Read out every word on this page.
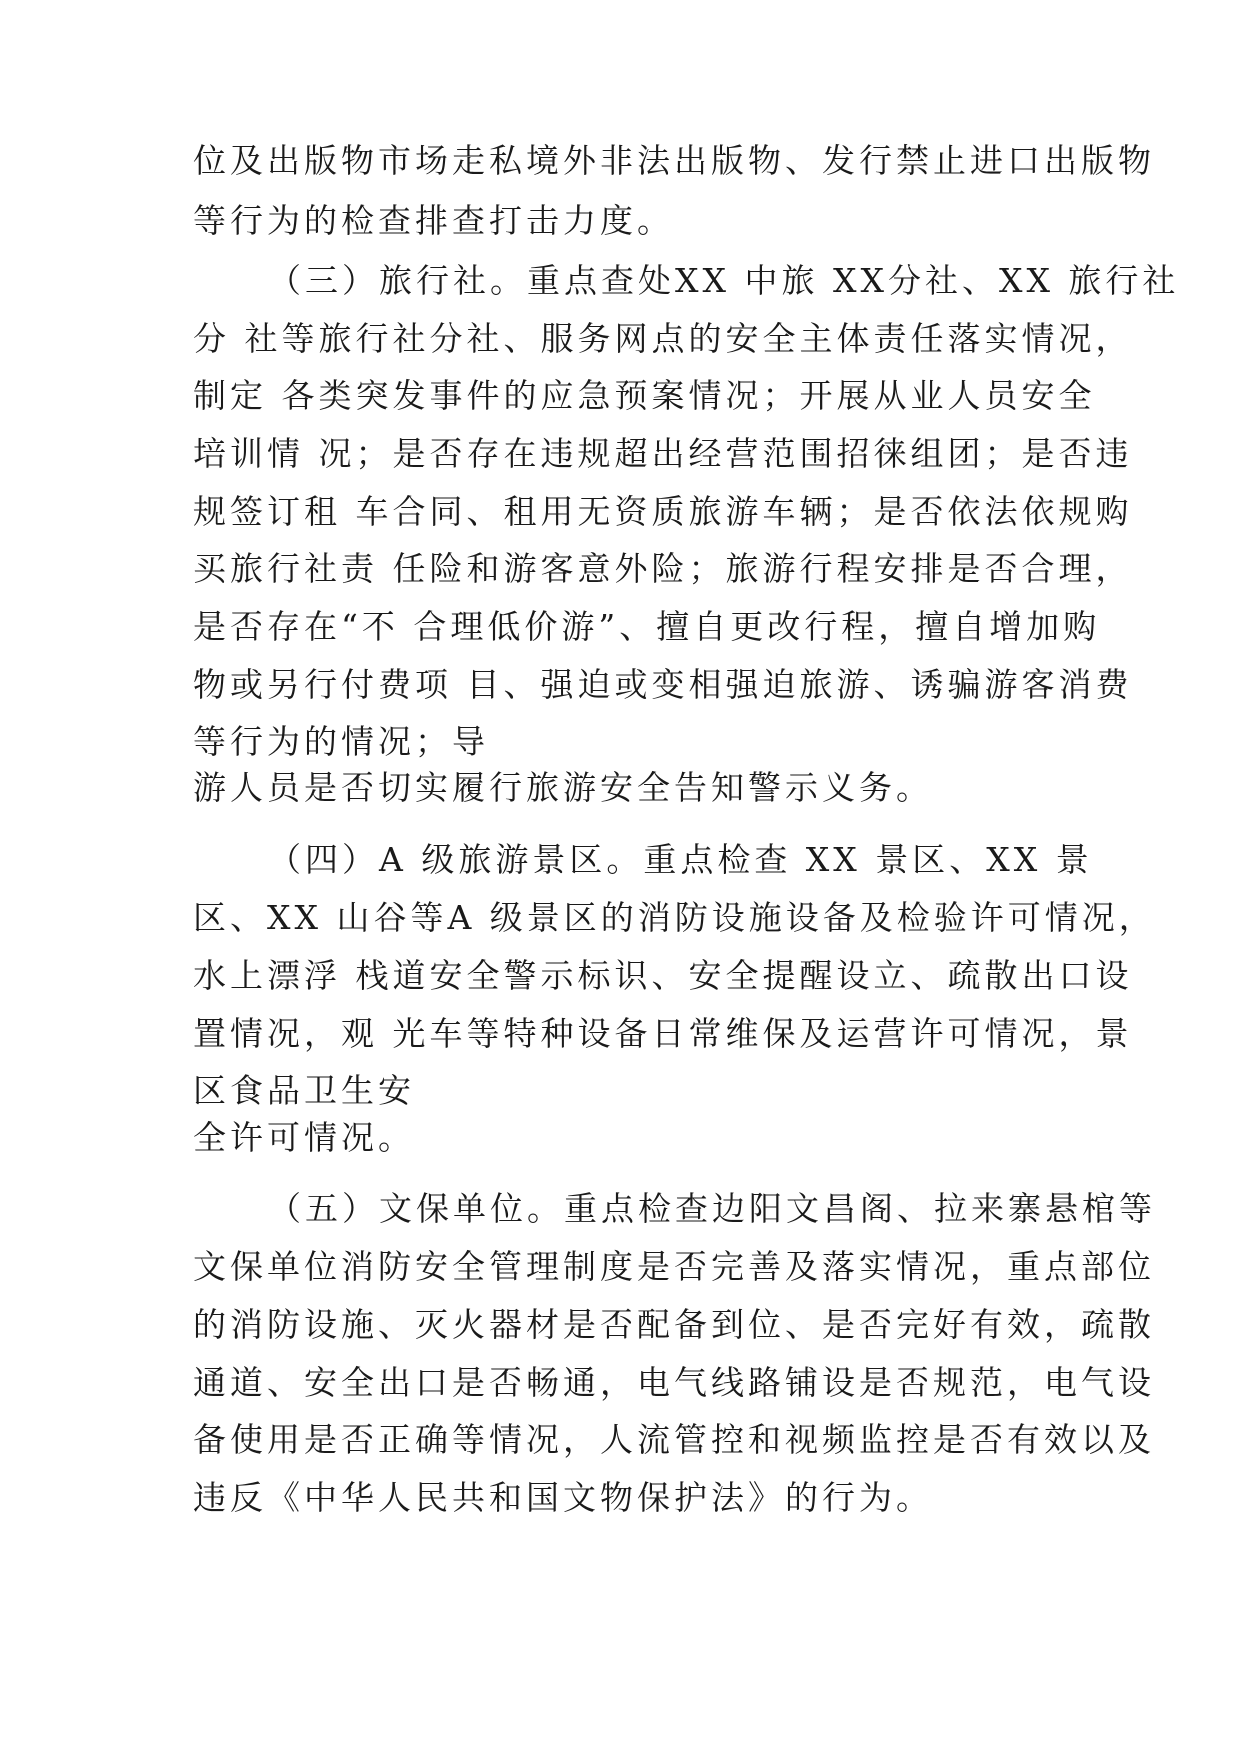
位及出版物市场走私境外非法出版物、发行禁止进口出版物
等行为的检查排查打击力度。
（三）旅行社。重点查处XX 中旅 XX分社、XX 旅行社
分 社等旅行社分社、服务网点的安全主体责任落实情况，
制定 各类突发事件的应急预案情况；开展从业人员安全
培训情 况；是否存在违规超出经营范围招徕组团；是否违
规签订租 车合同、租用无资质旅游车辆；是否依法依规购
买旅行社责 任险和游客意外险；旅游行程安排是否合理，
是否存在“不 合理低价游”、擅自更改行程，擅自增加购
物或另行付费项 目、强迫或变相强迫旅游、诱骗游客消费
等行为的情况；导
游人员是否切实履行旅游安全告知警示义务。
（四）A 级旅游景区。重点检查 XX 景区、XX 景
区、XX 山谷等A 级景区的消防设施设备及检验许可情况，
水上漂浮 栈道安全警示标识、安全提醒设立、疏散出口设
置情况，观 光车等特种设备日常维保及运营许可情况，景
区食品卫生安
全许可情况。
（五）文保单位。重点检查边阳文昌阁、拉来寨悬棺等
文保单位消防安全管理制度是否完善及落实情况，重点部位
的消防设施、灭火器材是否配备到位、是否完好有效，疏散
通道、安全出口是否畅通，电气线路铺设是否规范，电气设
备使用是否正确等情况，人流管控和视频监控是否有效以及
违反《中华人民共和国文物保护法》的行为。
